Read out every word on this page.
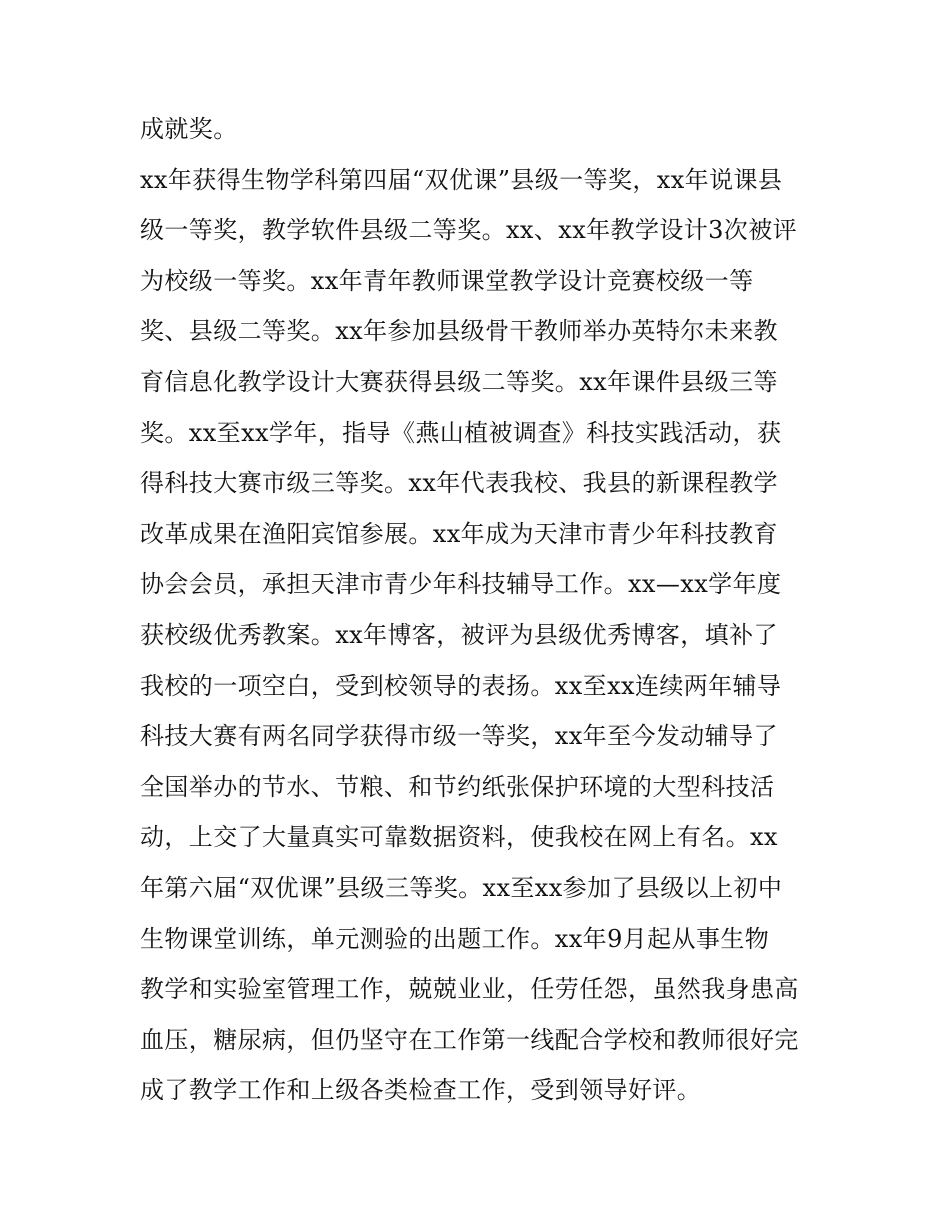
成就奖。
xx年获得生物学科第四届“双优课”县级一等奖，xx年说课县
级一等奖，教学软件县级二等奖。xx、xx年教学设计3次被评
为校级一等奖。xx年青年教师课堂教学设计竞赛校级一等
奖、县级二等奖。xx年参加县级骨干教师举办英特尔未来教
育信息化教学设计大赛获得县级二等奖。xx年课件县级三等
奖。xx至xx学年，指导《燕山植被调查》科技实践活动，获
得科技大赛市级三等奖。xx年代表我校、我县的新课程教学
改革成果在渔阳宾馆参展。xx年成为天津市青少年科技教育
协会会员，承担天津市青少年科技辅导工作。xx—xx学年度
获校级优秀教案。xx年博客，被评为县级优秀博客，填补了
我校的一项空白，受到校领导的表扬。xx至xx连续两年辅导
科技大赛有两名同学获得市级一等奖，xx年至今发动辅导了
全国举办的节水、节粮、和节约纸张保护环境的大型科技活
动，上交了大量真实可靠数据资料，使我校在网上有名。xx
年第六届“双优课”县级三等奖。xx至xx参加了县级以上初中
生物课堂训练，单元测验的出题工作。xx年9月起从事生物
教学和实验室管理工作，兢兢业业，任劳任怨，虽然我身患高
血压，糖尿病，但仍坚守在工作第一线配合学校和教师很好完
成了教学工作和上级各类检查工作，受到领导好评。
